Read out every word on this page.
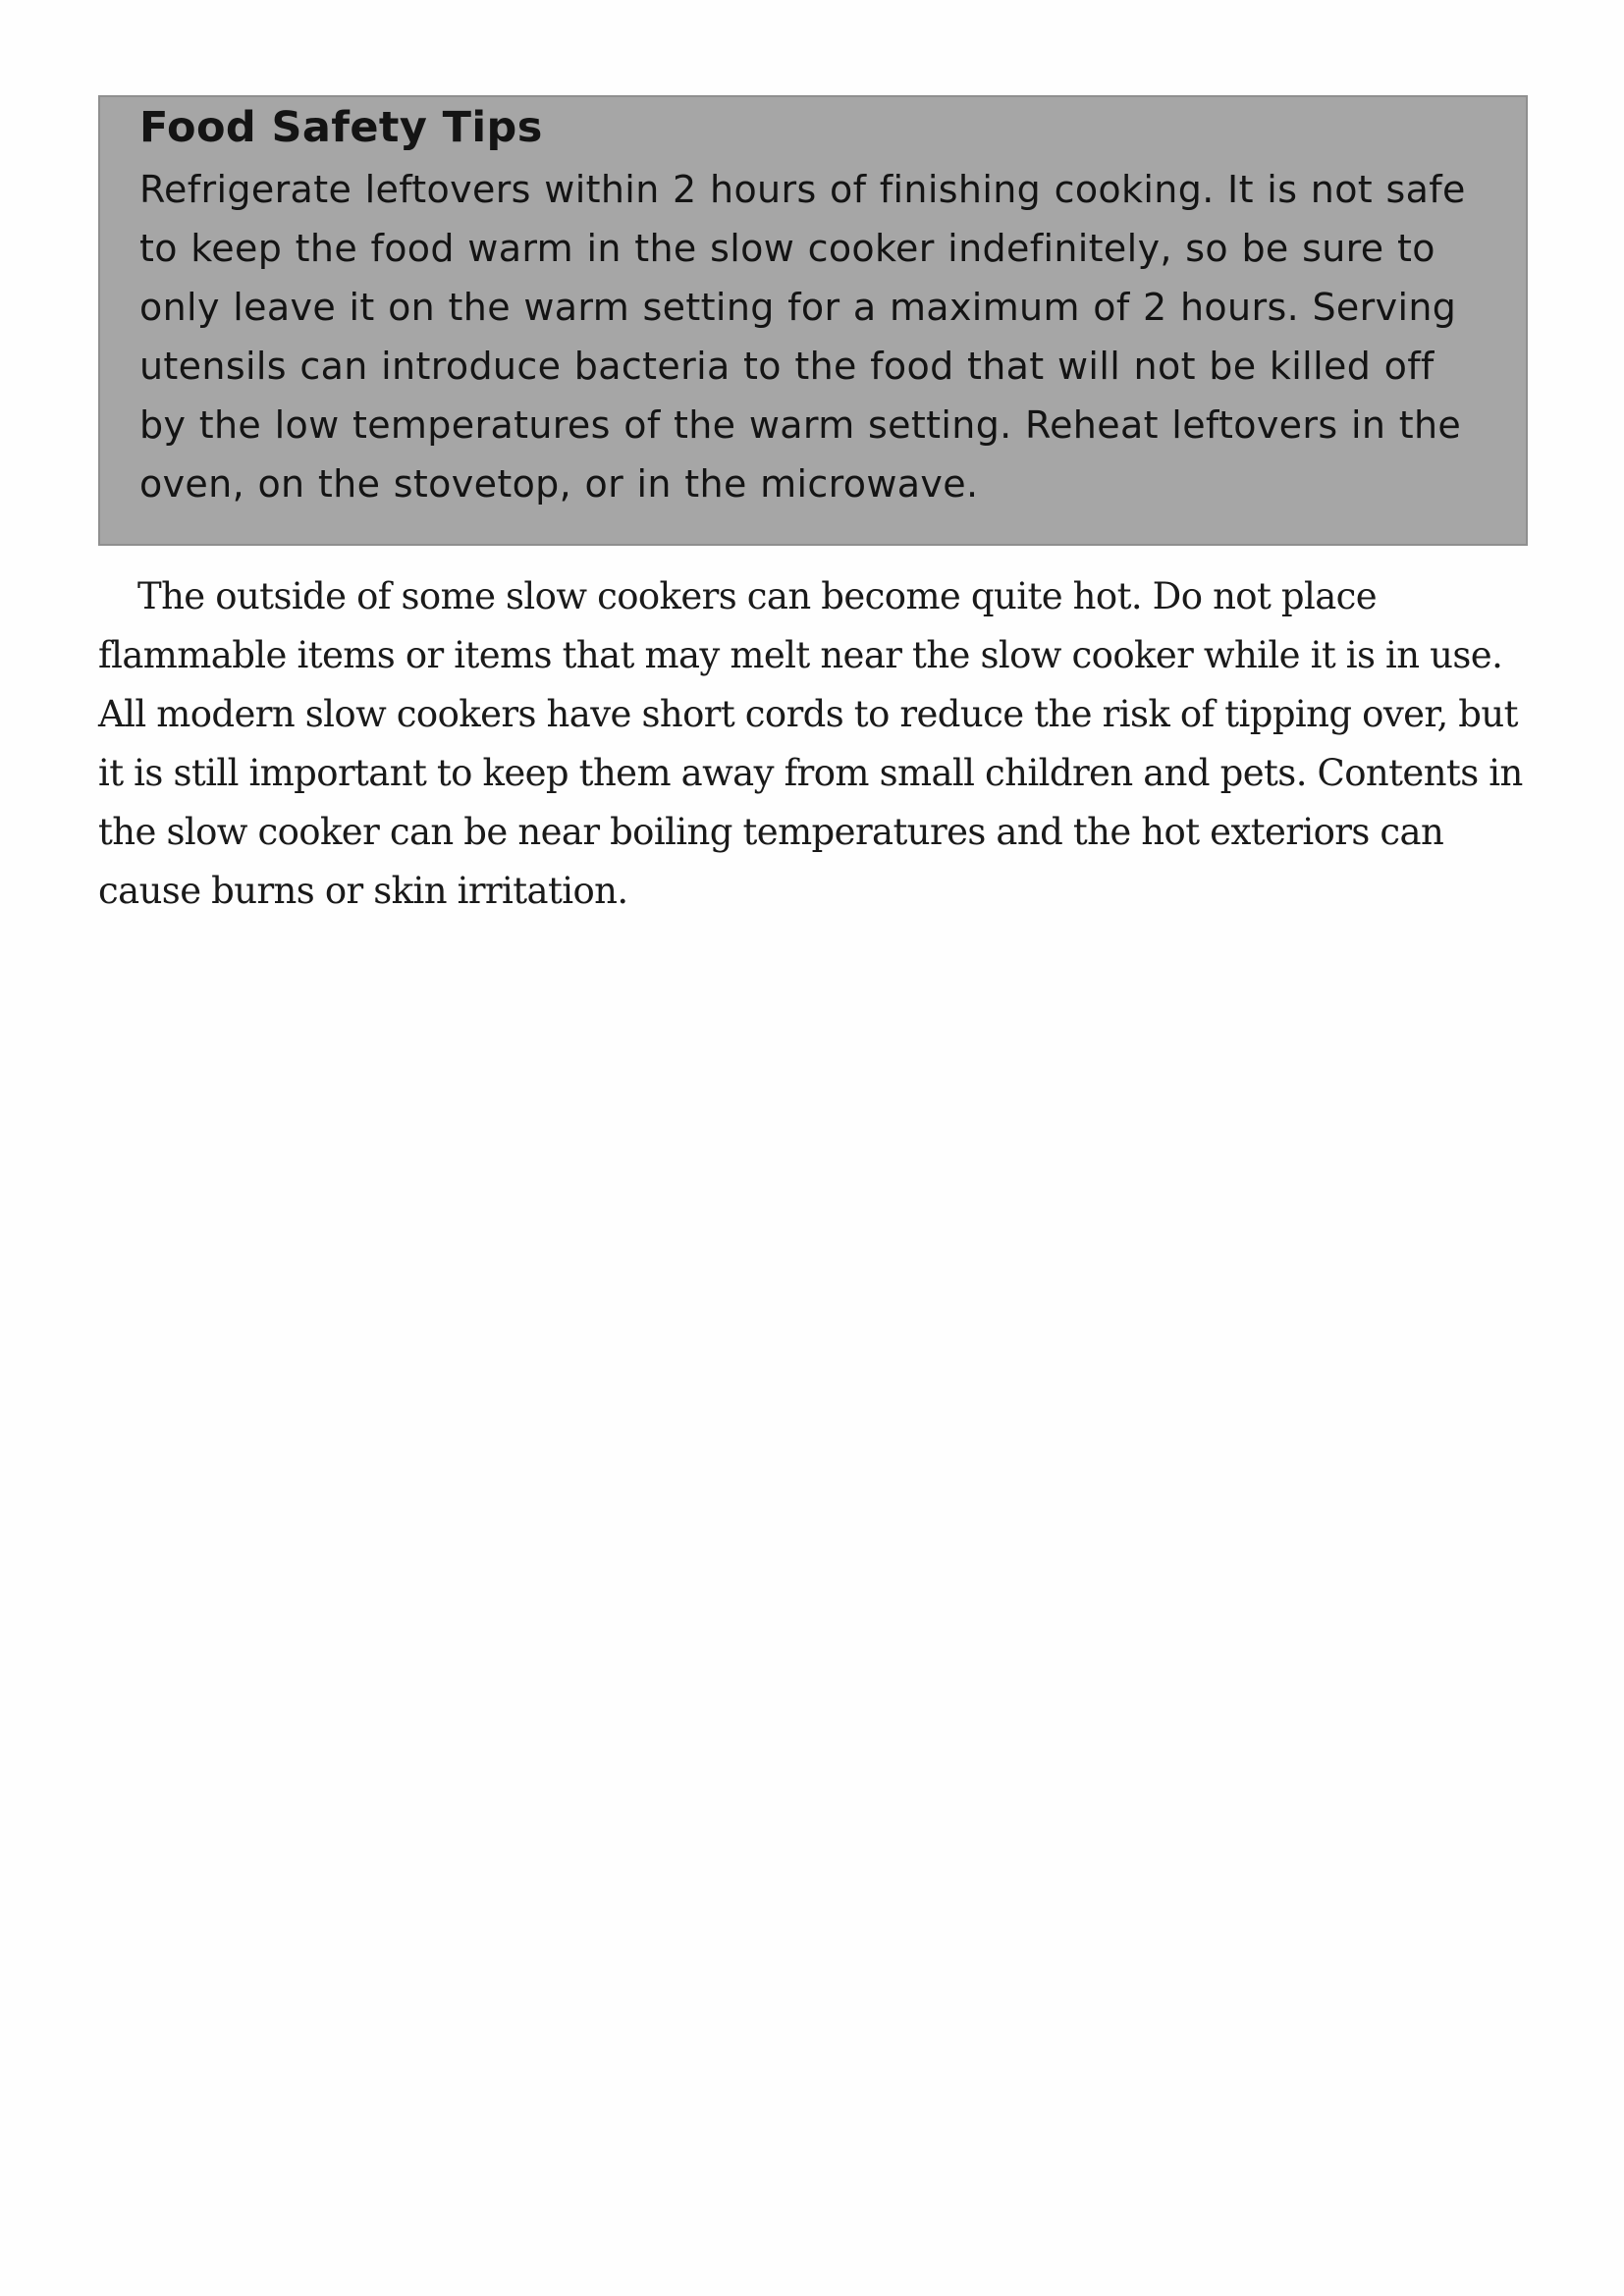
Food Safety Tips

Refrigerate leftovers within 2 hours of finishing cooking. It is not safe to keep the food warm in the slow cooker indefinitely, so be sure to only leave it on the warm setting for a maximum of 2 hours. Serving utensils can introduce bacteria to the food that will not be killed off by the low temperatures of the warm setting. Reheat leftovers in the oven, on the stovetop, or in the microwave.

The outside of some slow cookers can become quite hot. Do not place flammable items or items that may melt near the slow cooker while it is in use. All modern slow cookers have short cords to reduce the risk of tipping over, but it is still important to keep them away from small children and pets. Contents in the slow cooker can be near boiling temperatures and the hot exteriors can cause burns or skin irritation.
